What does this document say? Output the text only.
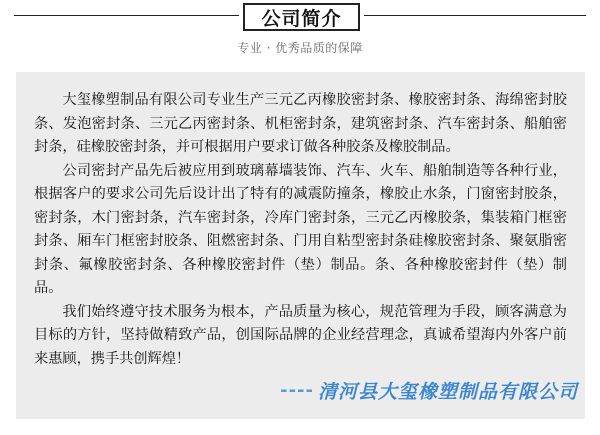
公司简介
专业 · 优秀品质的保障

大玺橡塑制品有限公司专业生产三元乙丙橡胶密封条、橡胶密封条、海绵密封胶条、发泡密封条、三元乙丙密封条、机柜密封条，建筑密封条、汽车密封条、船舶密封条，硅橡胶密封条，并可根据用户要求订做各种胶条及橡胶制品。

公司密封产品先后被应用到玻璃幕墙装饰、汽车、火车、船舶制造等各种行业，根据客户的要求公司先后设计出了特有的减震防撞条，橡胶止水条，门窗密封胶条，密封条，木门密封条，汽车密封条，冷库门密封条，三元乙丙橡胶条，集装箱门框密封条、厢车门框密封胶条、阻燃密封条、门用自粘型密封条硅橡胶密封条、聚氨脂密封条、氟橡胶密封条、各种橡胶密封件（垫）制品。条、各种橡胶密封件（垫）制品。

我们始终遵守技术服务为根本，产品质量为核心，规范管理为手段，顾客满意为目标的方针，坚持做精致产品，创国际品牌的企业经营理念，真诚希望海内外客户前来惠顾，携手共创辉煌！

---- 清河县大玺橡塑制品有限公司
